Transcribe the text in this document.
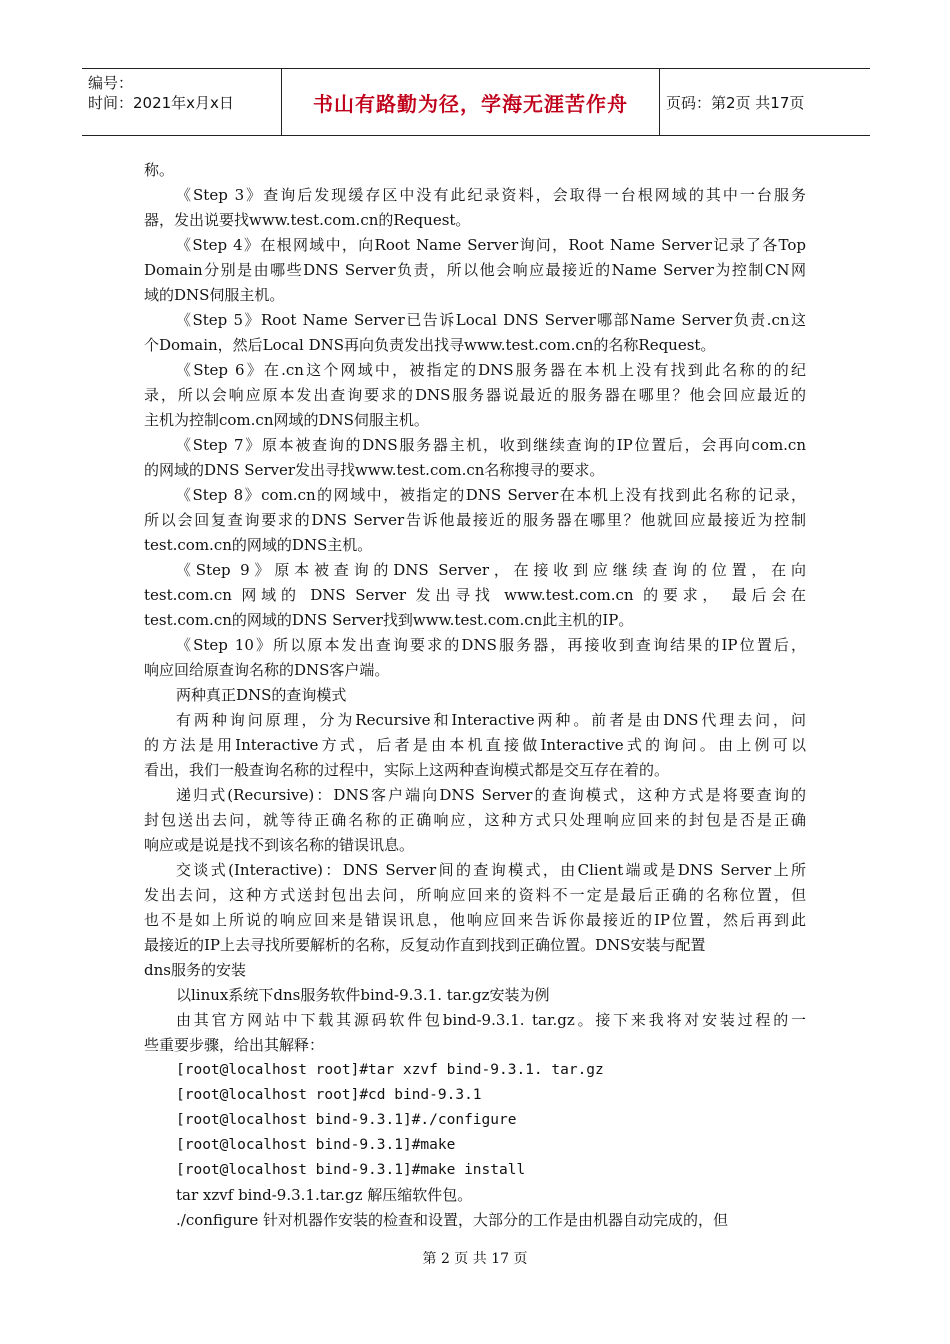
编号：
时间：2021年x月x日	书山有路勤为径，学海无涯苦作舟	页码：第2页 共17页
称。
《Step 3》查询后发现缓存区中没有此纪录资料，会取得一台根网域的其中一台服务
器，发出说要找www.test.com.cn的Request。
《Step 4》在根网域中，向Root Name Server询问，Root Name Server记录了各Top
Domain分别是由哪些DNS Server负责，所以他会响应最接近的Name Server为控制CN网
域的DNS伺服主机。
《Step 5》Root Name Server已告诉Local DNS Server哪部Name Server负责.cn这
个Domain，然后Local DNS再向负责发出找寻www.test.com.cn的名称Request。
《Step 6》在.cn这个网域中，被指定的DNS服务器在本机上没有找到此名称的的纪
录，所以会响应原本发出查询要求的DNS服务器说最近的服务器在哪里？他会回应最近的
主机为控制com.cn网域的DNS伺服主机。
《Step 7》原本被查询的DNS服务器主机，收到继续查询的IP位置后，会再向com.cn
的网域的DNS Server发出寻找www.test.com.cn名称搜寻的要求。
《Step 8》com.cn的网域中，被指定的DNS Server在本机上没有找到此名称的记录，
所以会回复查询要求的DNS Server告诉他最接近的服务器在哪里？他就回应最接近为控制
test.com.cn的网域的DNS主机。
《Step 9》原本被查询的DNS Server，在接收到应继续查询的位置，在向
test.com.cn 网域的 DNS Server 发出寻找 www.test.com.cn 的要求， 最后会在
test.com.cn的网域的DNS Server找到www.test.com.cn此主机的IP。
《Step 10》所以原本发出查询要求的DNS服务器，再接收到查询结果的IP位置后，
响应回给原查询名称的DNS客户端。
两种真正DNS的查询模式
有两种询问原理，分为Recursive和Interactive两种。前者是由DNS代理去问，问
的方法是用Interactive方式，后者是由本机直接做Interactive式的询问。由上例可以
看出，我们一般查询名称的过程中，实际上这两种查询模式都是交互存在着的。
递归式(Recursive)：DNS客户端向DNS Server的查询模式，这种方式是将要查询的
封包送出去问，就等待正确名称的正确响应，这种方式只处理响应回来的封包是否是正确
响应或是说是找不到该名称的错误讯息。
交谈式(Interactive)：DNS Server间的查询模式，由Client端或是DNS Server上所
发出去问，这种方式送封包出去问，所响应回来的资料不一定是最后正确的名称位置，但
也不是如上所说的响应回来是错误讯息，他响应回来告诉你最接近的IP位置，然后再到此
最接近的IP上去寻找所要解析的名称，反复动作直到找到正确位置。DNS安装与配置
dns服务的安装
以linux系统下dns服务软件bind-9.3.1. tar.gz安装为例
由其官方网站中下载其源码软件包bind-9.3.1. tar.gz。接下来我将对安装过程的一
些重要步骤，给出其解释：
[root@localhost root]#tar xzvf bind-9.3.1. tar.gz
[root@localhost root]#cd bind-9.3.1
[root@localhost bind-9.3.1]#./configure
[root@localhost bind-9.3.1]#make
[root@localhost bind-9.3.1]#make install
tar xzvf bind-9.3.1.tar.gz 解压缩软件包。
./configure 针对机器作安装的检查和设置，大部分的工作是由机器自动完成的，但
第 2 页 共 17 页
